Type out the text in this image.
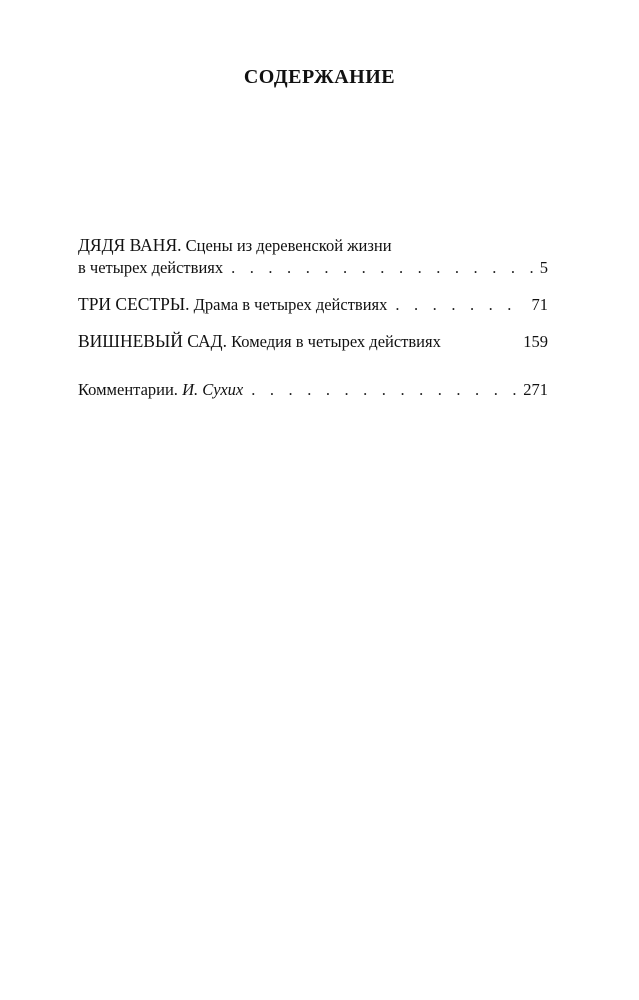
СОДЕРЖАНИЕ
ДЯДЯ ВАНЯ.
Сцены из деревенской жизни
в четырех действиях . . .	5
ТРИ СЕСТРЫ.
Драма в четырех действиях . . .	71
ВИШНЕВЫЙ САД.
Комедия в четырех действиях	159
Комментарии.
И. Сухих . . .	271
